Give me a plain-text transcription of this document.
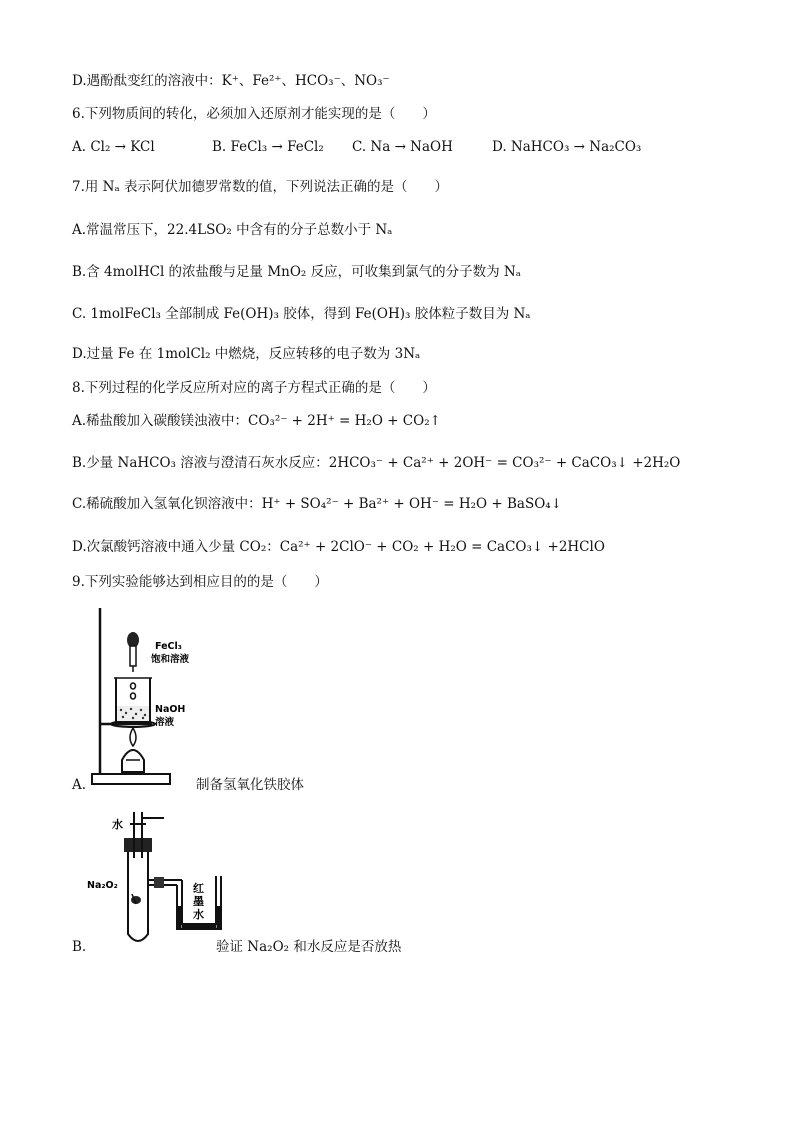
D.遇酚酞变红的溶液中：K⁺、Fe²⁺、HCO₃⁻、NO₃⁻
6.下列物质间的转化，必须加入还原剂才能实现的是（　　）
A. Cl₂ → KCl	B. FeCl₃ → FeCl₂ C. Na → NaOH	D. NaHCO₃ → Na₂CO₃
7.用 Nₐ 表示阿伏加德罗常数的值，下列说法正确的是（　　）
A.常温常压下，22.4LSO₂ 中含有的分子总数小于 Nₐ
B.含 4molHCl 的浓盐酸与足量 MnO₂ 反应，可收集到氯气的分子数为 Nₐ
C. 1molFeCl₃ 全部制成 Fe(OH)₃ 胶体，得到 Fe(OH)₃ 胶体粒子数目为 Nₐ
D.过量 Fe 在 1molCl₂ 中燃烧，反应转移的电子数为 3Nₐ
8.下列过程的化学反应所对应的离子方程式正确的是（　　）
A.稀盐酸加入碳酸镁浊液中：CO₃²⁻ + 2H⁺ = H₂O + CO₂↑
B.少量 NaHCO₃ 溶液与澄清石灰水反应：2HCO₃⁻ + Ca²⁺ + 2OH⁻ = CO₃²⁻ + CaCO₃↓ +2H₂O
C.稀硫酸加入氢氧化钡溶液中：H⁺ + SO₄²⁻ + Ba²⁺ + OH⁻ = H₂O + BaSO₄↓
D.次氯酸钙溶液中通入少量 CO₂：Ca²⁺ + 2ClO⁻ + CO₂ + H₂O = CaCO₃↓ +2HClO
9.下列实验能够达到相应目的的是（　　）
FeCl₃
饱和溶液
NaOH
溶液
A.	制备氢氧化铁胶体
水
Na₂O₂	红
墨
水
B.	验证 Na₂O₂ 和水反应是否放热
